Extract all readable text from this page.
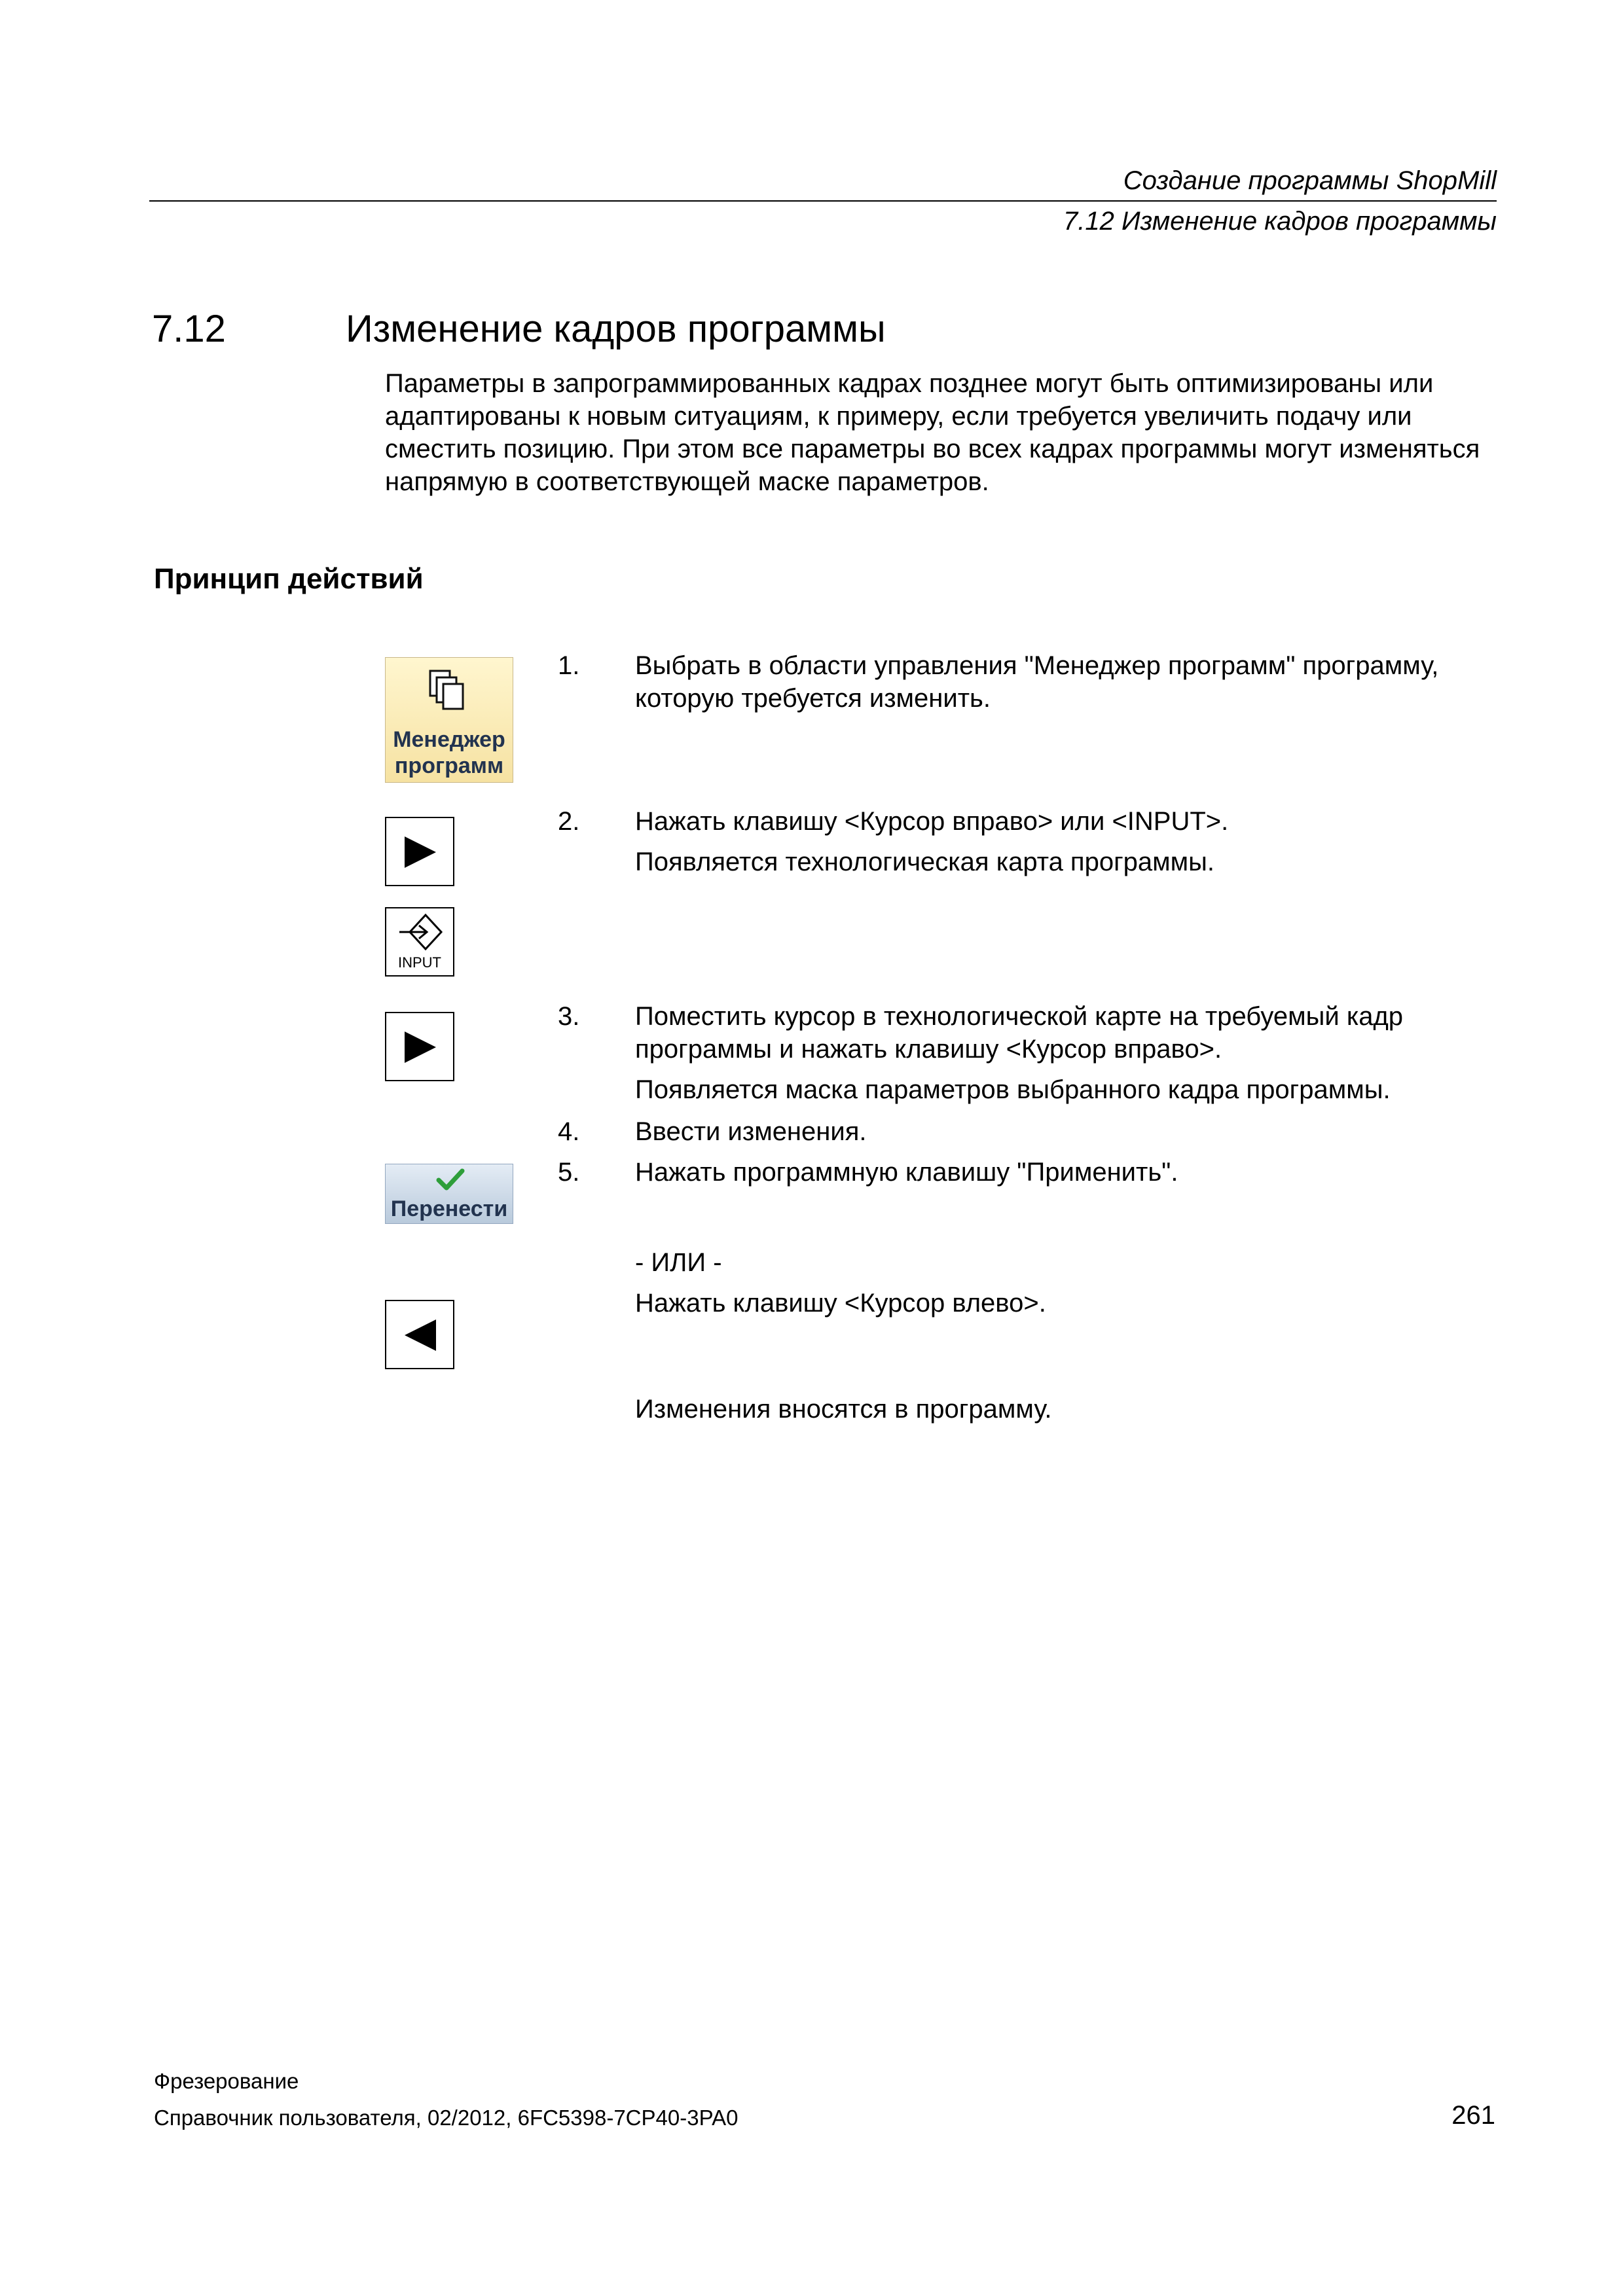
Создание программы ShopMill
7.12 Изменение кадров программы
7.12	Изменение кадров программы

Параметры в запрограммированных кадрах позднее могут быть оптимизированы или адаптированы к новым ситуациям, к примеру, если требуется увеличить подачу или сместить позицию. При этом все параметры во всех кадрах программы могут изменяться напрямую в соответствующей маске параметров.

Принцип действий
Менеджер
программ
INPUT
Перенести
1. Выбрать в области управления "Менеджер программ" программу, которую требуется изменить.
2. Нажать клавишу <Курсор вправо> или <INPUT>.
Появляется технологическая карта программы.
3. Поместить курсор в технологической карте на требуемый кадр программы и нажать клавишу <Курсор вправо>.
Появляется маска параметров выбранного кадра программы.
4. Ввести изменения.
5. Нажать программную клавишу "Применить".
- ИЛИ -
Нажать клавишу <Курсор влево>.
Изменения вносятся в программу.
Фрезерование
Справочник пользователя, 02/2012, 6FC5398-7CP40-3PA0	261
